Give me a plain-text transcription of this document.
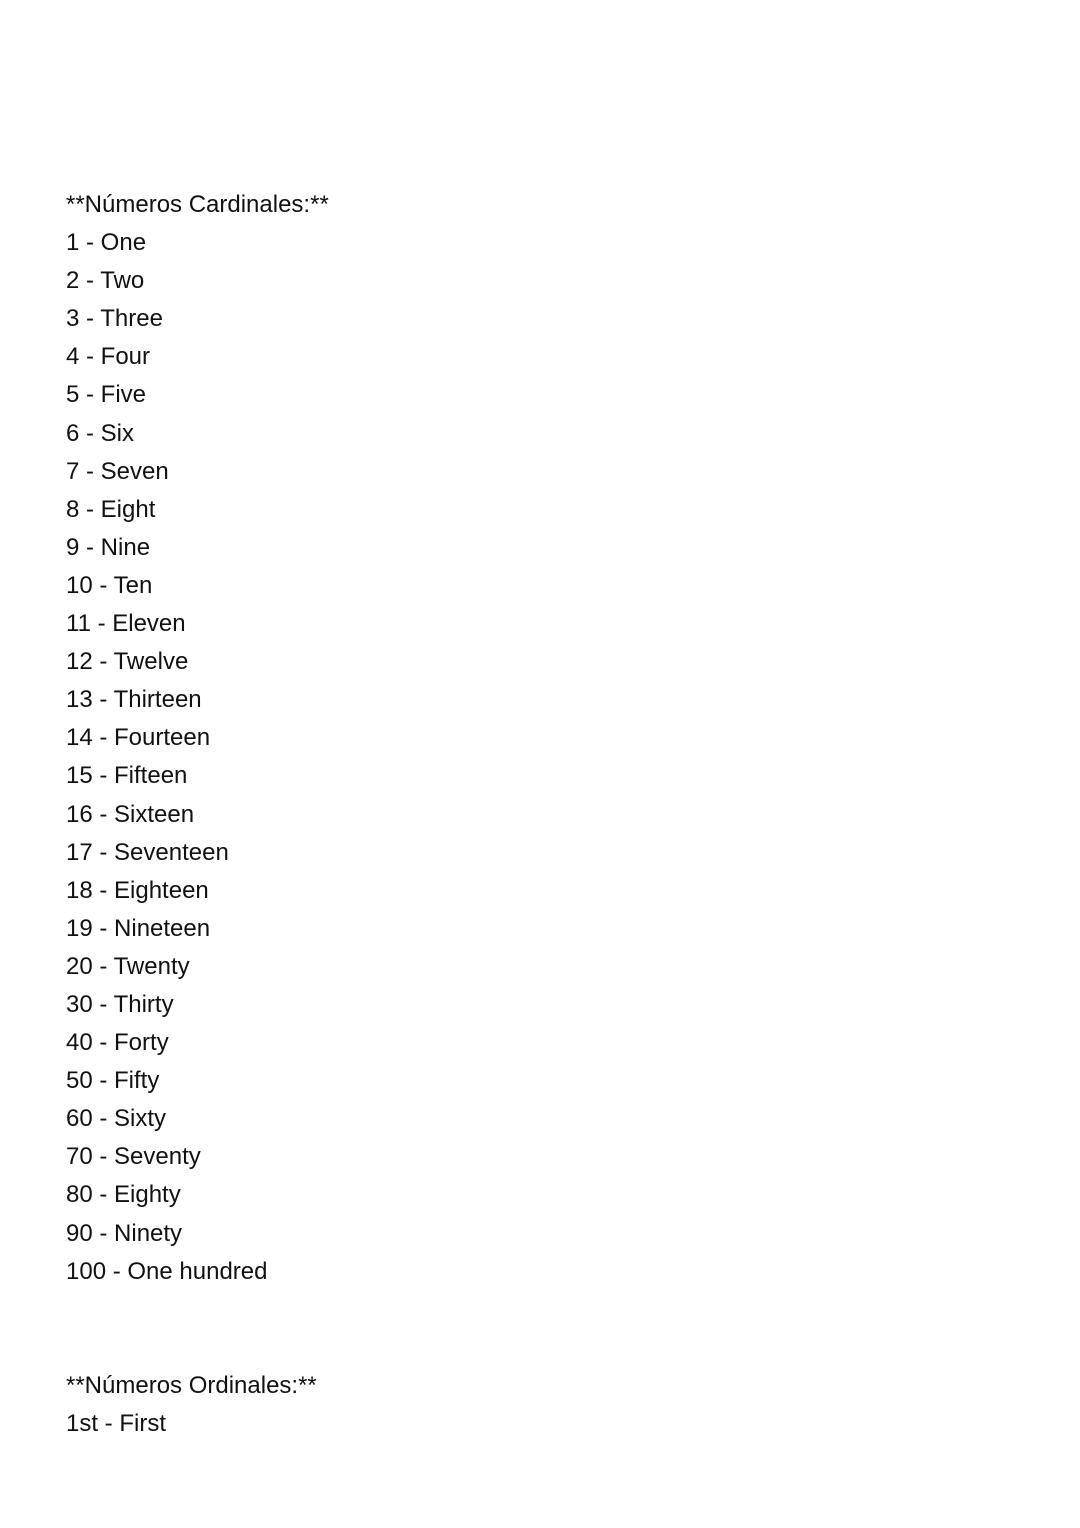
**Números Cardinales:**

1 - One

2 - Two

3 - Three

4 - Four

5 - Five

6 - Six

7 - Seven

8 - Eight

9 - Nine

10 - Ten

11 - Eleven

12 - Twelve

13 - Thirteen

14 - Fourteen

15 - Fifteen

16 - Sixteen

17 - Seventeen

18 - Eighteen

19 - Nineteen

20 - Twenty

30 - Thirty

40 - Forty

50 - Fifty

60 - Sixty

70 - Seventy

80 - Eighty

90 - Ninety

100 - One hundred

**Números Ordinales:**

1st - First
